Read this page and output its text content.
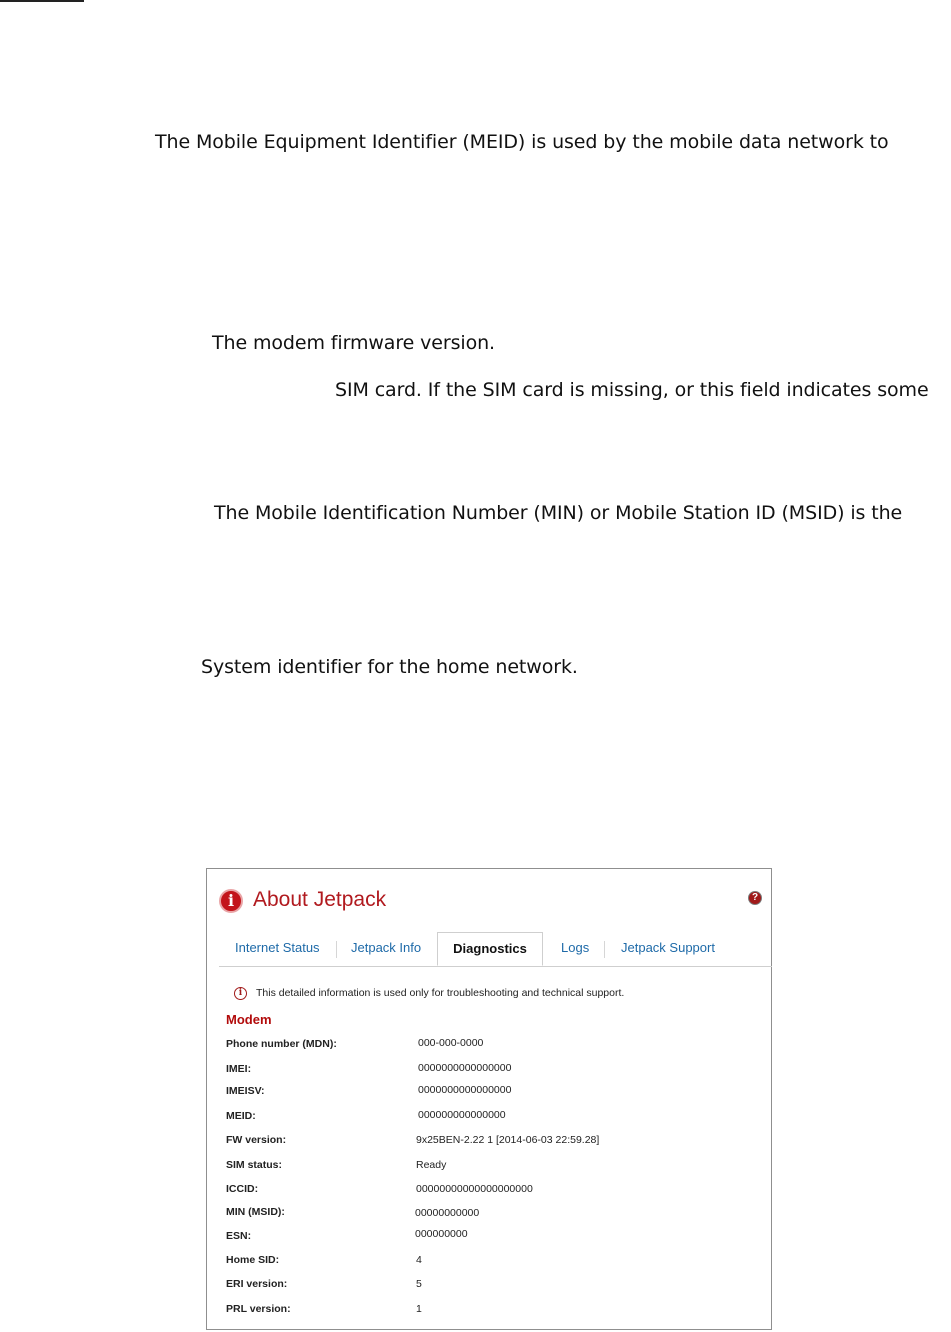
The Mobile Equipment Identifier (MEID) is used by the mobile data network to
The modem firmware version.
SIM card. If the SIM card is missing, or this field indicates some
The Mobile Identification Number (MIN) or Mobile Station ID (MSID) is the
System identifier for the home network.
i About Jetpack	?
Internet Status Jetpack Info	Diagnostics	Logs Jetpack Support
i	This detailed information is used only for troubleshooting and technical support.
Modem
Phone number (MDN):	000-000-0000
IMEI:	0000000000000000
IMEISV:	0000000000000000
MEID:	000000000000000
FW version:	9x25BEN-2.22 1 [2014-06-03 22:59.28]
SIM status:	Ready
ICCID:	00000000000000000000
MIN (MSID):	00000000000
ESN:	000000000
Home SID:	4
ERI version:	5
PRL version:	1
